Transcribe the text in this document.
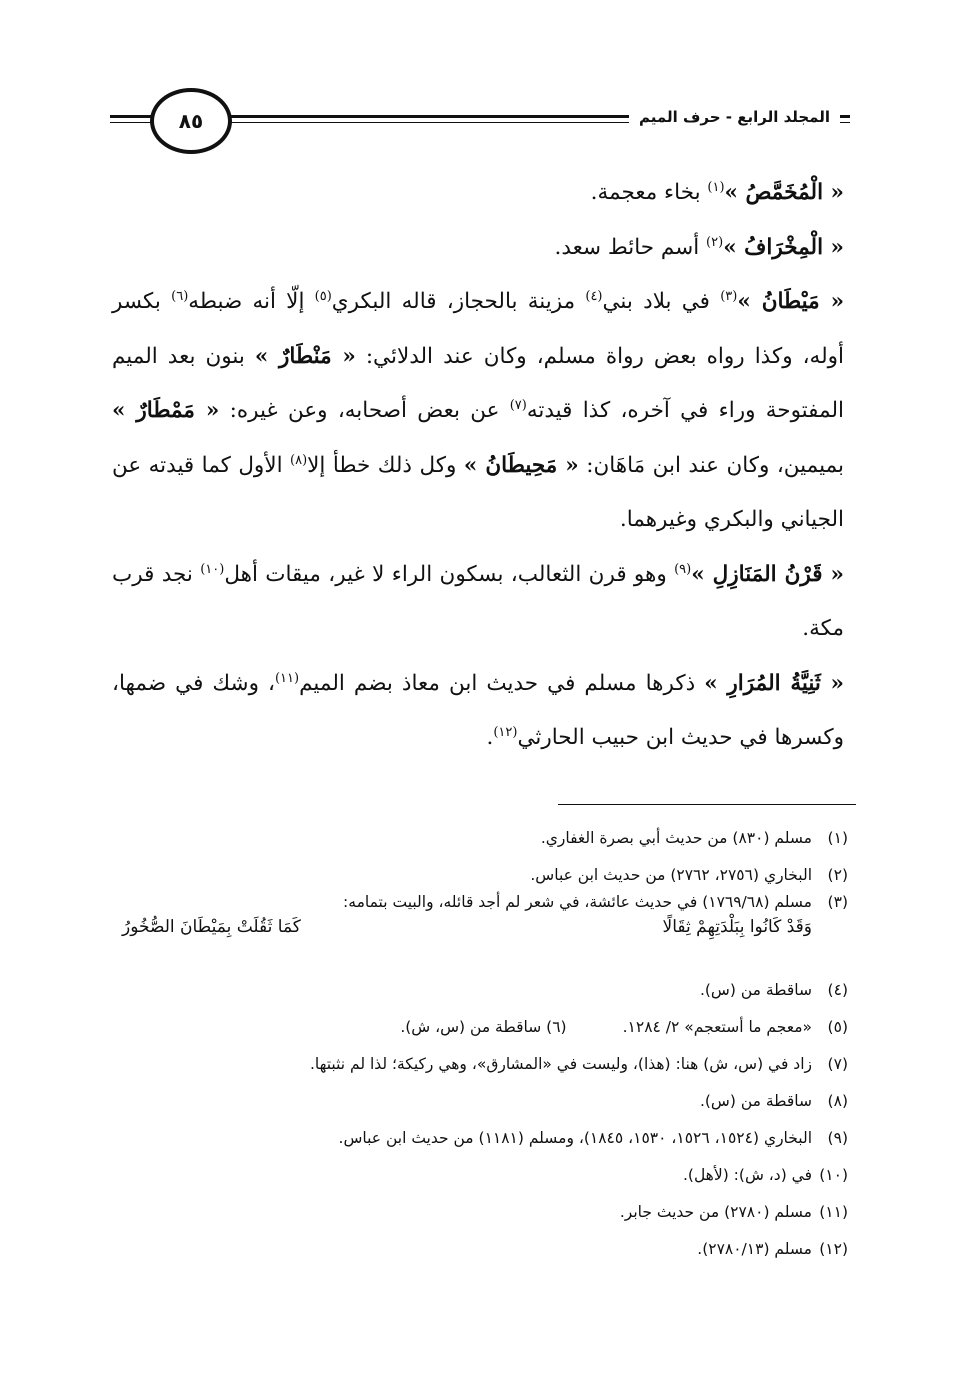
المجلد الرابع - حرف الميم
٨٥

« الْمُخَمَّصُ »$^{(١)}$ بخاء معجمة.

« الْمِخْرَافُ »$^{(٢)}$ أسم حائط سعد.

« مَيْطَانُ »$^{(٣)}$ في بلاد بني$^{(٤)}$ مزينة بالحجاز، قاله البكري$^{(٥)}$ إلّا أنه ضبطه$^{(٦)}$ بكسر أوله، وكذا رواه بعض رواة مسلم، وكان عند الدلائي: « مَنْطَارٌ » بنون بعد الميم المفتوحة وراء في آخره، كذا قيدته$^{(٧)}$ عن بعض أصحابه، وعن غيره: « مَمْطَارٌ » بميمين، وكان عند ابن مَاهَان: « مَحِيطَانُ » وكل ذلك خطأ إلا$^{(٨)}$ الأول كما قيدته عن الجياني والبكري وغيرهما.

« قَرْنُ المَنَازِلِ »$^{(٩)}$ وهو قرن الثعالب، بسكون الراء لا غير، ميقات أهل$^{(١٠)}$ نجد قرب مكة.

« ثَنِيَّةُ المُرَارِ » ذكرها مسلم في حديث ابن معاذ بضم الميم$^{(١١)}$، وشك في ضمها، وكسرها في حديث ابن حبيب الحارثي$^{(١٢)}$.

(١)
مسلم (٨٣٠) من حديث أبي بصرة الغفاري.
(٢)
البخاري (٢٧٥٦، ٢٧٦٢) من حديث ابن عباس.
(٣)
مسلم (١٧٦٩/٦٨) في حديث عائشة، في شعر لم أجد قائله، والبيت بتمامه:
وَقَدْ كَانُوا بِبَلْدَتِهِمْ ثِقَالًا
كَمَا ثَقُلَتْ بِمَيْطَانَ الصُّخُورُ
(٤)
ساقطة من (س).
(٥)
«معجم ما أستعجم» ٢/ ١٢٨٤.
(٦) ساقطة من (س، ش).
(٧)
زاد في (س، ش) هنا: (هذا)، وليست في «المشارق»، وهي ركيكة؛ لذا لم نثبتها.
(٨)
ساقطة من (س).
(٩)
البخاري (١٥٢٤، ١٥٢٦، ١٥٣٠، ١٨٤٥)، ومسلم (١١٨١) من حديث ابن عباس.
(١٠)
في (د، ش): (لأهل).
(١١)
مسلم (٢٧٨٠) من حديث جابر.
(١٢)
مسلم (٢٧٨٠/١٣).
